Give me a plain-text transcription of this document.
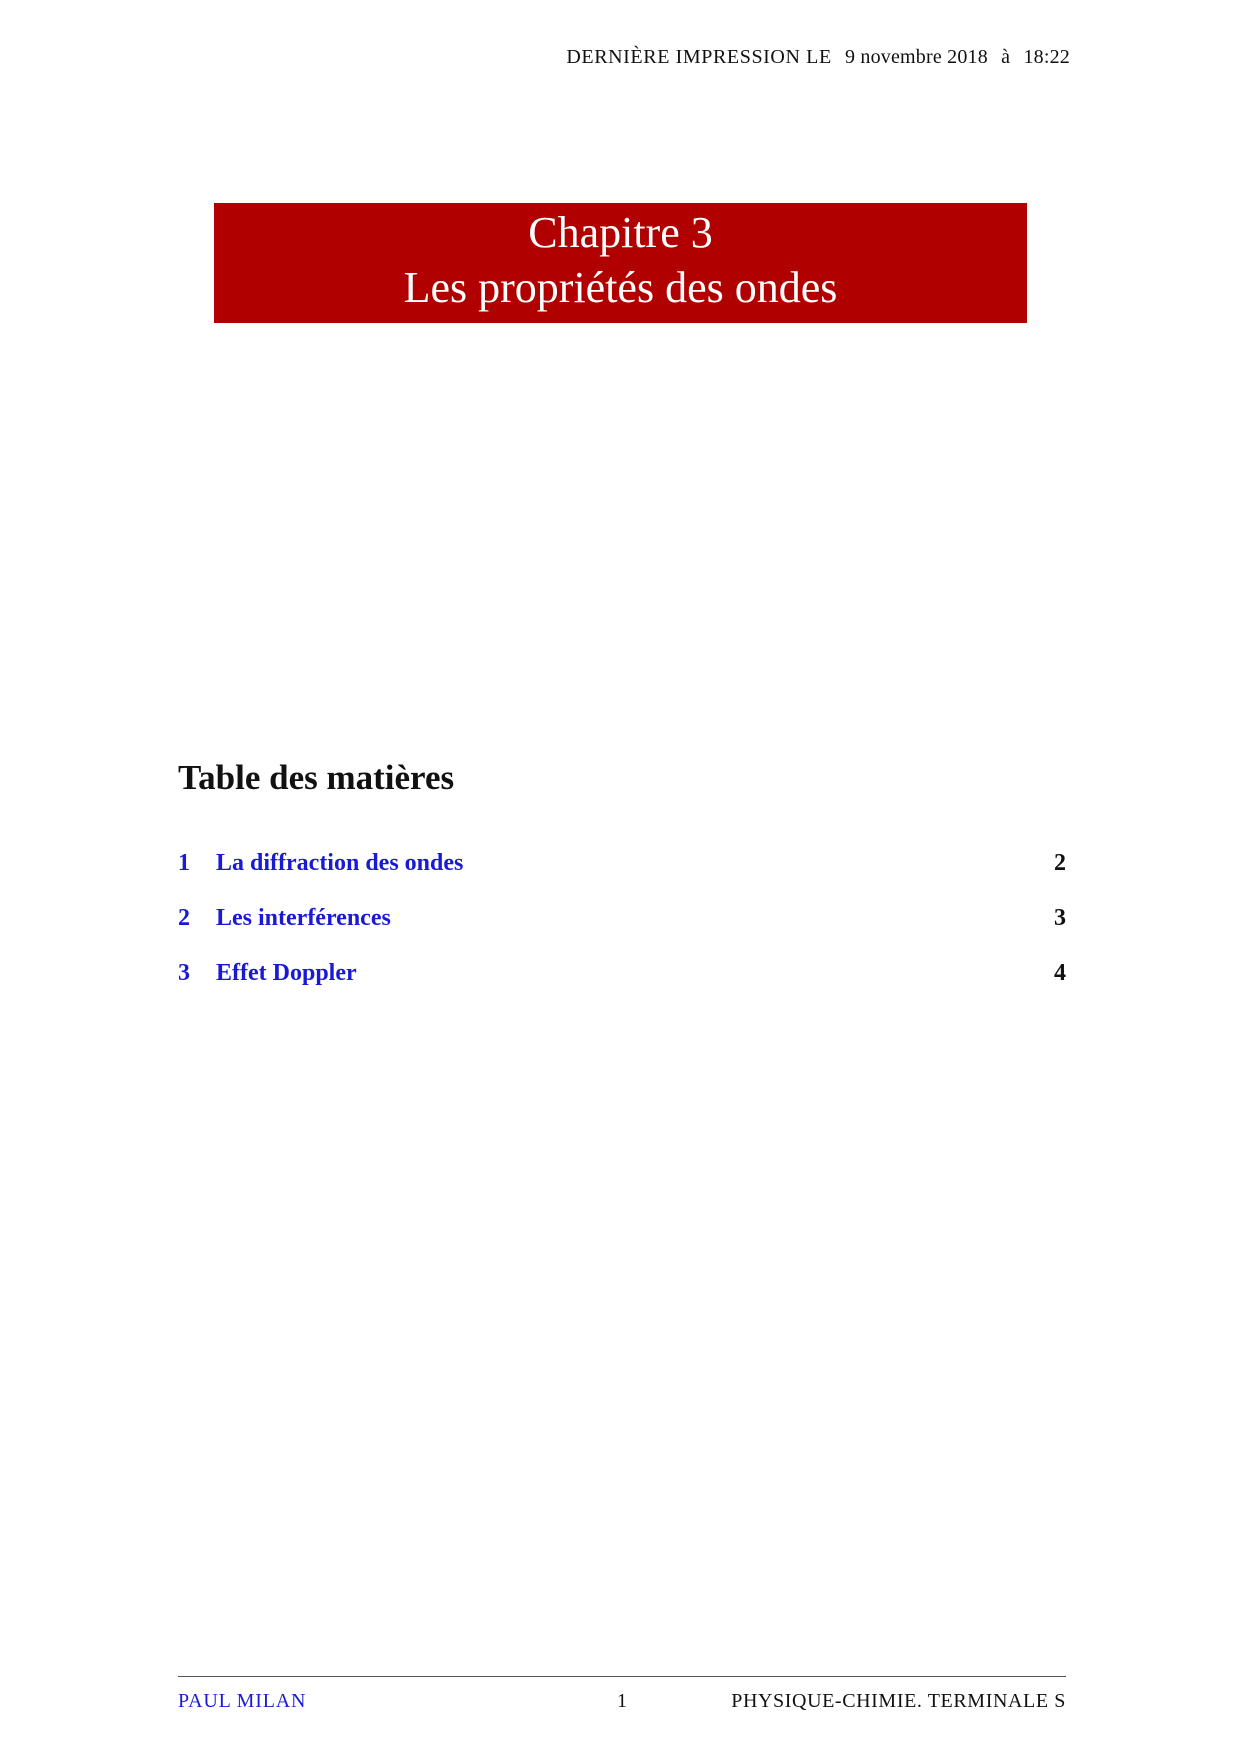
DERNIÈRE IMPRESSION LE 9 novembre 2018 à 18:22
Chapitre 3
Les propriétés des ondes
Table des matières
1	La diffraction des ondes	2
2	Les interférences	3
3	Effet Doppler	4
PAUL MILAN	1	PHYSIQUE-CHIMIE. TERMINALE S
